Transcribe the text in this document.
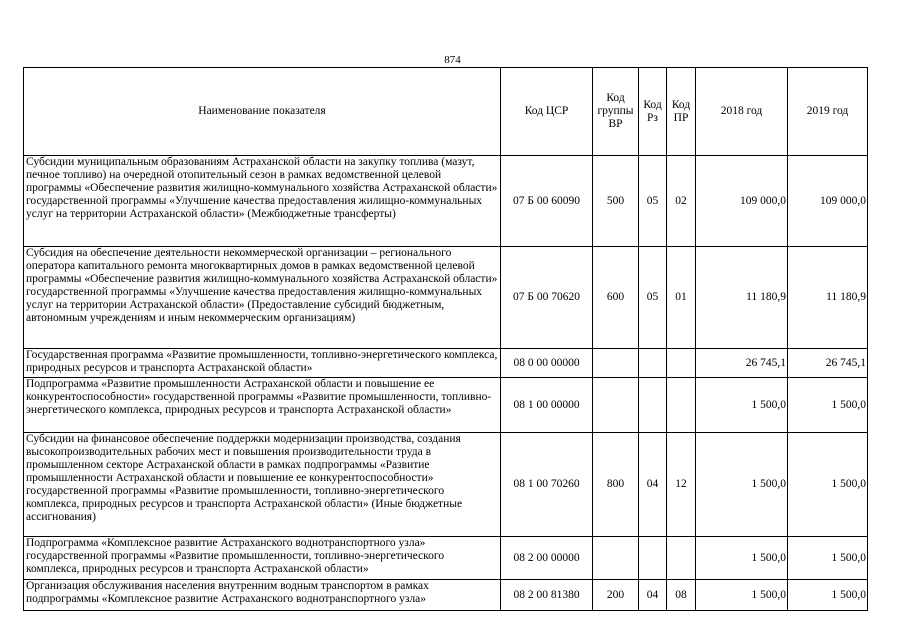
874
Наименование показателя	Код ЦСР	Код группы ВР	Код Рз	Код ПР	2018 год	2019 год
Субсидии муниципальным образованиям Астраханской области на закупку топлива (мазут, печное топливо) на очередной отопительный сезон в рамках ведомственной целевой программы «Обеспечение развития жилищно-коммунального хозяйства Астраханской области» государственной программы «Улучшение качества предоставления жилищно-коммунальных услуг на территории Астраханской области» (Межбюджетные трансферты)	07 Б 00 60090	500	05	02	109 000,0	109 000,0
Субсидия на обеспечение деятельности некоммерческой организации – регионального оператора капитального ремонта многоквартирных домов в рамках ведомственной целевой программы «Обеспечение развития жилищно-коммунального хозяйства Астраханской области» государственной программы «Улучшение качества предоставления жилищно-коммунальных услуг на территории Астраханской области» (Предоставление субсидий бюджетным, автономным учреждениям и иным некоммерческим организациям)	07 Б 00 70620	600	05	01	11 180,9	11 180,9
Государственная программа «Развитие промышленности, топливно-энергетического комплекса, природных ресурсов и транспорта Астраханской области»	08 0 00 00000				26 745,1	26 745,1
Подпрограмма «Развитие промышленности Астраханской области и повышение ее конкурентоспособности» государственной программы «Развитие промышленности, топливно-энергетического комплекса, природных ресурсов и транспорта Астраханской области»	08 1 00 00000				1 500,0	1 500,0
Субсидии на финансовое обеспечение поддержки модернизации производства, создания высокопроизводительных рабочих мест и повышения производительности труда в промышленном секторе Астраханской области в рамках подпрограммы «Развитие промышленности Астраханской области и повышение ее конкурентоспособности» государственной программы «Развитие промышленности, топливно-энергетического комплекса, природных ресурсов и транспорта Астраханской области» (Иные бюджетные ассигнования)	08 1 00 70260	800	04	12	1 500,0	1 500,0
Подпрограмма «Комплексное развитие Астраханского воднотранспортного узла» государственной программы «Развитие промышленности, топливно-энергетического комплекса, природных ресурсов и транспорта Астраханской области»	08 2 00 00000				1 500,0	1 500,0
Организация обслуживания населения внутренним водным транспортом в рамках подпрограммы «Комплексное развитие Астраханского воднотранспортного узла»	08 2 00 81380	200	04	08	1 500,0	1 500,0
